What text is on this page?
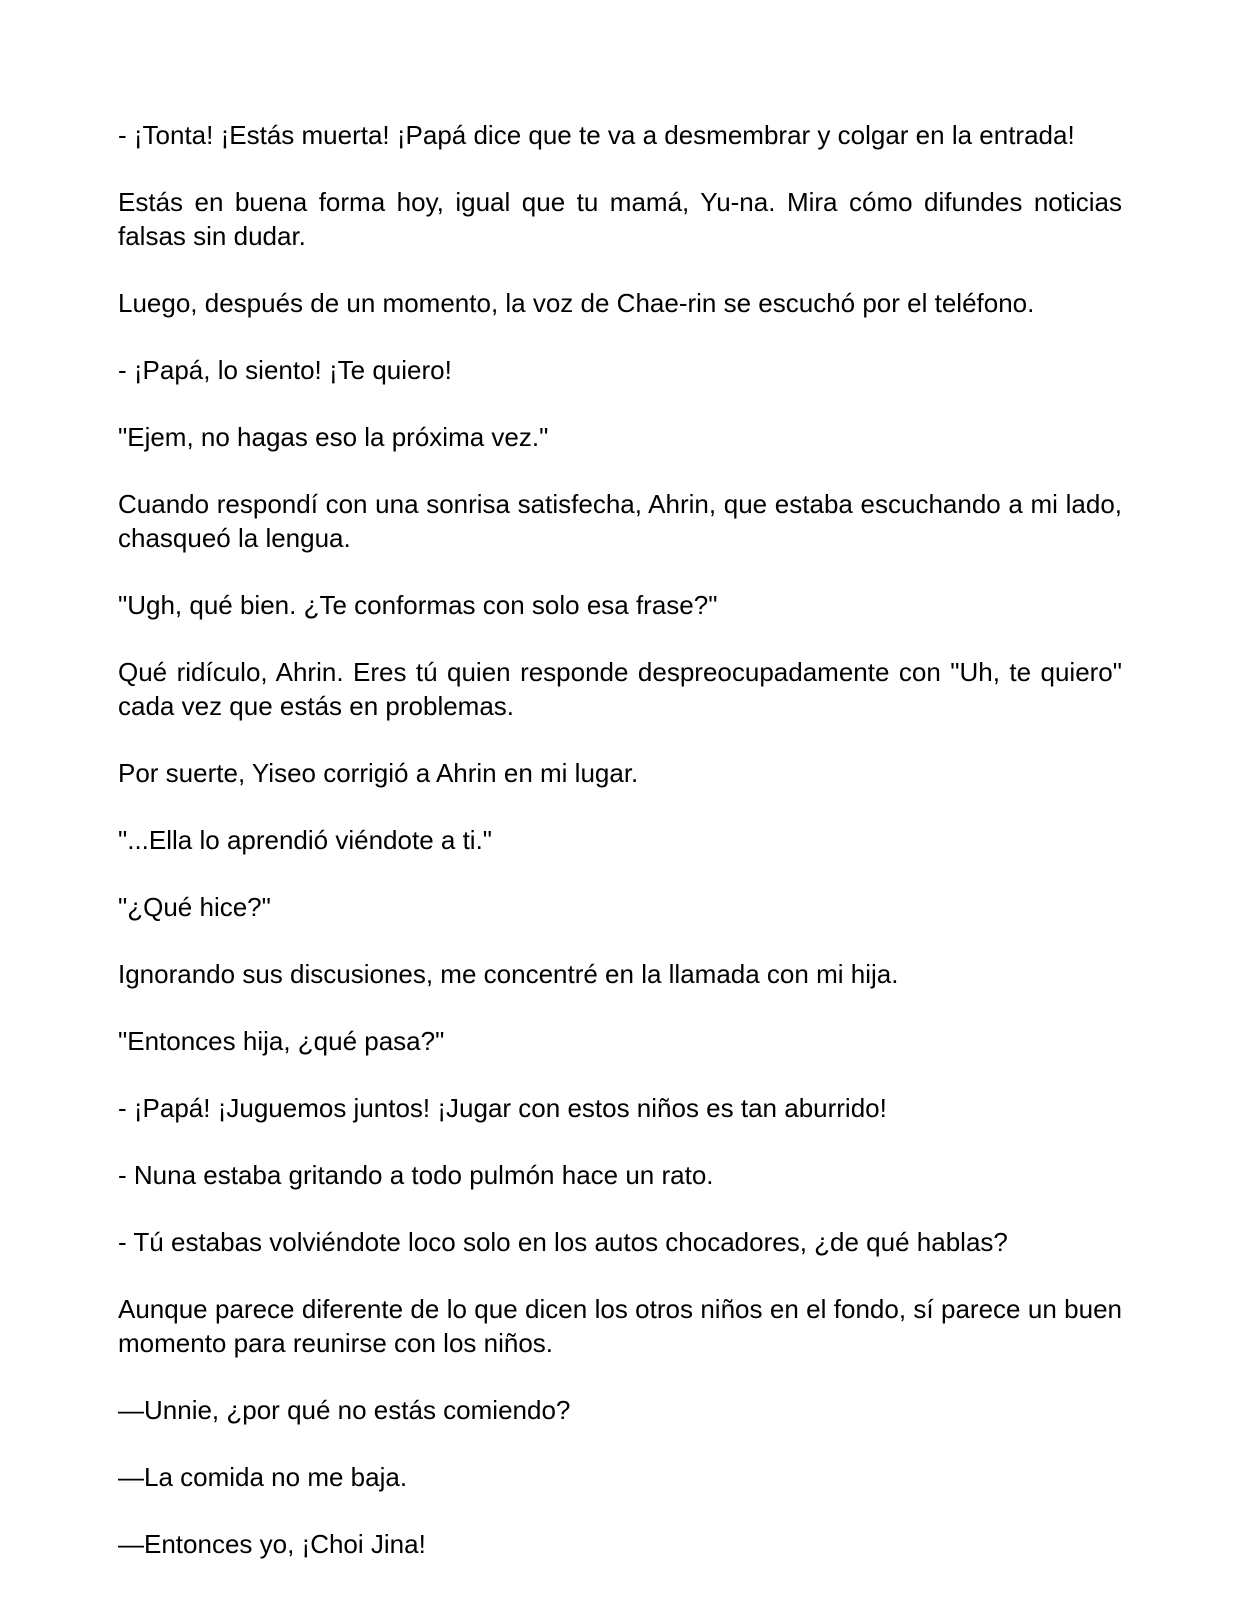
- ¡Tonta! ¡Estás muerta! ¡Papá dice que te va a desmembrar y colgar en la entrada!

Estás en buena forma hoy, igual que tu mamá, Yu-na. Mira cómo difundes noticias falsas sin dudar.

Luego, después de un momento, la voz de Chae-rin se escuchó por el teléfono.

- ¡Papá, lo siento! ¡Te quiero!

"Ejem, no hagas eso la próxima vez."

Cuando respondí con una sonrisa satisfecha, Ahrin, que estaba escuchando a mi lado, chasqueó la lengua.

"Ugh, qué bien. ¿Te conformas con solo esa frase?"

Qué ridículo, Ahrin. Eres tú quien responde despreocupadamente con "Uh, te quiero" cada vez que estás en problemas.

Por suerte, Yiseo corrigió a Ahrin en mi lugar.

"...Ella lo aprendió viéndote a ti."

"¿Qué hice?"

Ignorando sus discusiones, me concentré en la llamada con mi hija.

"Entonces hija, ¿qué pasa?"

- ¡Papá! ¡Juguemos juntos! ¡Jugar con estos niños es tan aburrido!

- Nuna estaba gritando a todo pulmón hace un rato.

- Tú estabas volviéndote loco solo en los autos chocadores, ¿de qué hablas?

Aunque parece diferente de lo que dicen los otros niños en el fondo, sí parece un buen momento para reunirse con los niños.

—Unnie, ¿por qué no estás comiendo?

—La comida no me baja.

—Entonces yo, ¡Choi Jina!
